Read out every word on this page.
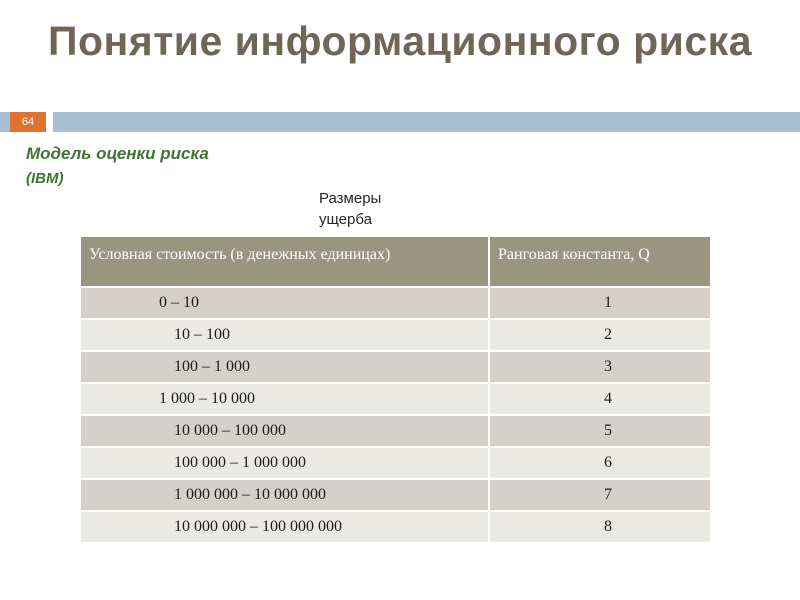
Понятие информационного риска
64
Модель оценки риска
(IBM)
Размеры
ущерба
Условная стоимость (в денежных единицах)	Ранговая константа, Q
0 – 10	1
10 – 100	2
100 – 1 000	3
1 000 – 10 000	4
10 000 – 100 000	5
100 000 – 1 000 000	6
1 000 000 – 10 000 000	7
10 000 000 – 100 000 000	8
